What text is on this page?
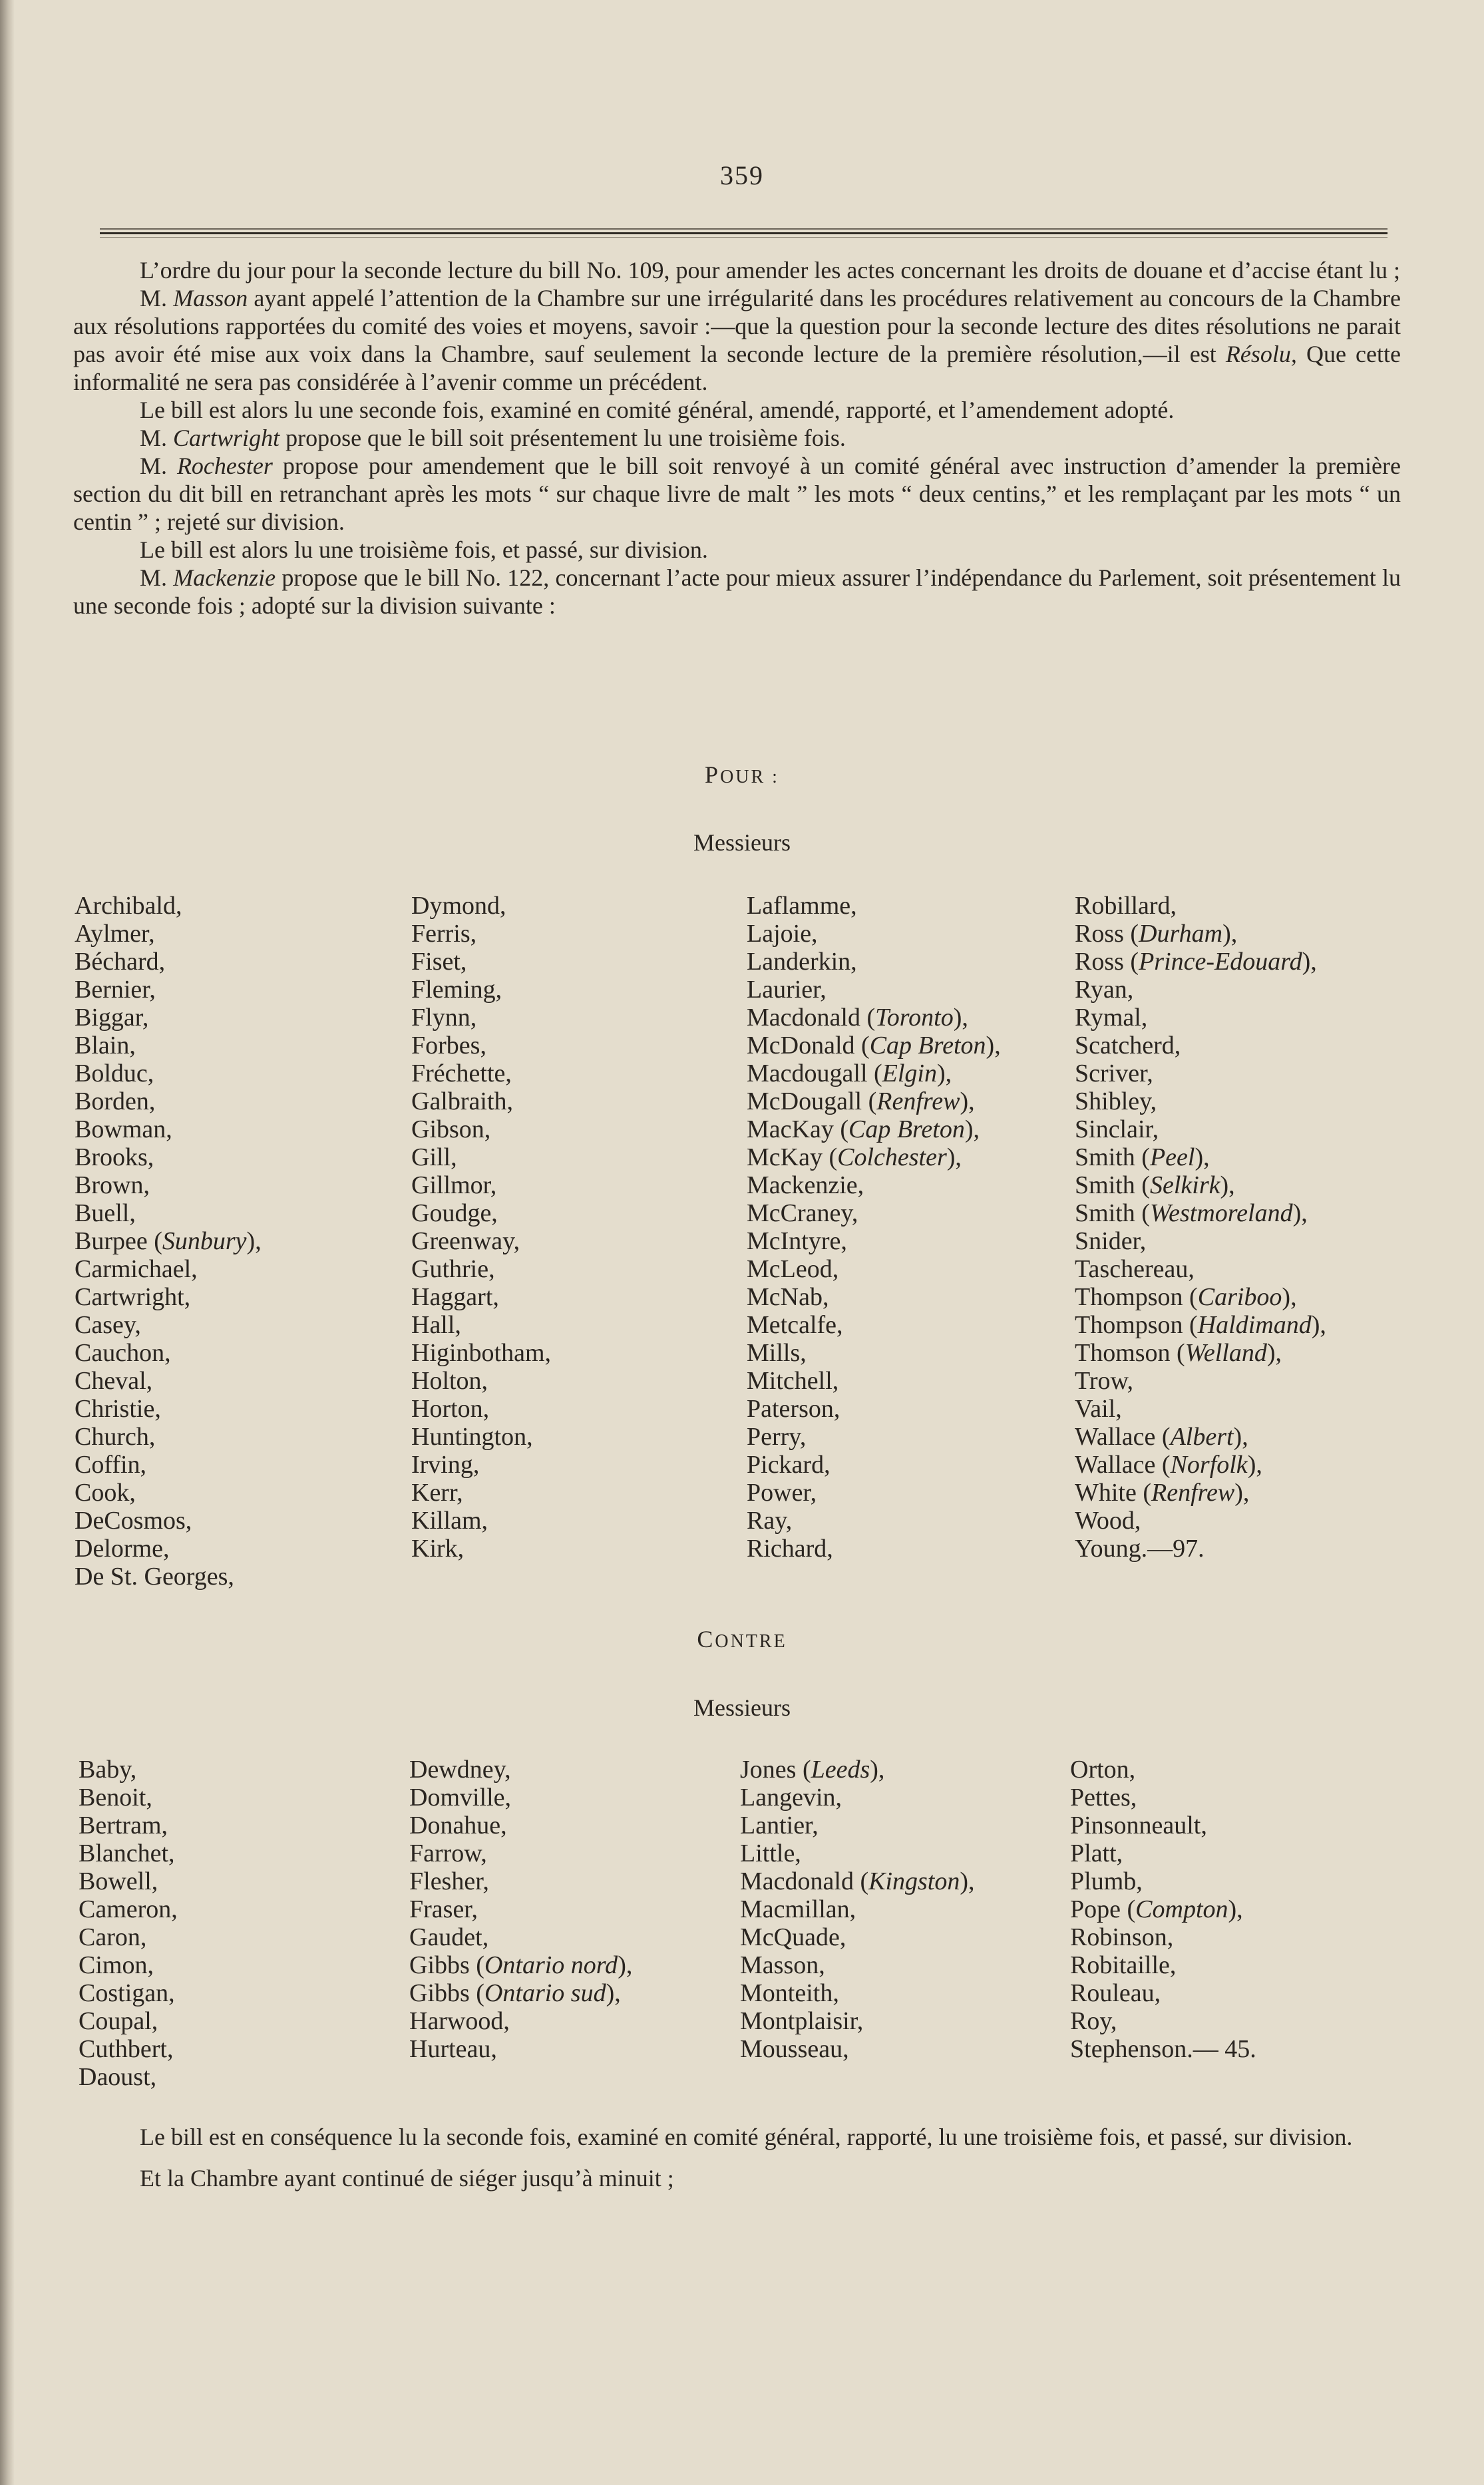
359

L’ordre du jour pour la seconde lecture du bill No. 109, pour amender les actes concernant les droits de douane et d’accise étant lu ;

M. Masson ayant appelé l’attention de la Chambre sur une irrégularité dans les procédures relativement au concours de la Chambre aux résolutions rapportées du comité des voies et moyens, savoir :—que la question pour la seconde lecture des dites résolutions ne parait pas avoir été mise aux voix dans la Chambre, sauf seulement la seconde lecture de la première résolution,—il est Résolu, Que cette informalité ne sera pas considérée à l’avenir comme un précédent.

Le bill est alors lu une seconde fois, examiné en comité général, amendé, rapporté, et l’amendement adopté.

M. Cartwright propose que le bill soit présentement lu une troisième fois.

M. Rochester propose pour amendement que le bill soit renvoyé à un comité général avec instruction d’amender la première section du dit bill en retranchant après les mots “ sur chaque livre de malt ” les mots “ deux centins,” et les remplaçant par les mots “ un centin ” ; rejeté sur division.

Le bill est alors lu une troisième fois, et passé, sur division.

M. Mackenzie propose que le bill No. 122, concernant l’acte pour mieux assurer l’indépendance du Parlement, soit présentement lu une seconde fois ; adopté sur la division suivante :

POUR :
Messieurs
Archibald,
Aylmer,
Béchard,
Bernier,
Biggar,
Blain,
Bolduc,
Borden,
Bowman,
Brooks,
Brown,
Buell,
Burpee (Sunbury),
Carmichael,
Cartwright,
Casey,
Cauchon,
Cheval,
Christie,
Church,
Coffin,
Cook,
DeCosmos,
Delorme,
De St. Georges,
Dymond,
Ferris,
Fiset,
Fleming,
Flynn,
Forbes,
Fréchette,
Galbraith,
Gibson,
Gill,
Gillmor,
Goudge,
Greenway,
Guthrie,
Haggart,
Hall,
Higinbotham,
Holton,
Horton,
Huntington,
Irving,
Kerr,
Killam,
Kirk,
Laflamme,
Lajoie,
Landerkin,
Laurier,
Macdonald (Toronto),
McDonald (Cap Breton),
Macdougall (Elgin),
McDougall (Renfrew),
MacKay (Cap Breton),
McKay (Colchester),
Mackenzie,
McCraney,
McIntyre,
McLeod,
McNab,
Metcalfe,
Mills,
Mitchell,
Paterson,
Perry,
Pickard,
Power,
Ray,
Richard,
Robillard,
Ross (Durham),
Ross (Prince-Edouard),
Ryan,
Rymal,
Scatcherd,
Scriver,
Shibley,
Sinclair,
Smith (Peel),
Smith (Selkirk),
Smith (Westmoreland),
Snider,
Taschereau,
Thompson (Cariboo),
Thompson (Haldimand),
Thomson (Welland),
Trow,
Vail,
Wallace (Albert),
Wallace (Norfolk),
White (Renfrew),
Wood,
Young.—97.
CONTRE
Messieurs
Baby,
Benoit,
Bertram,
Blanchet,
Bowell,
Cameron,
Caron,
Cimon,
Costigan,
Coupal,
Cuthbert,
Daoust,
Dewdney,
Domville,
Donahue,
Farrow,
Flesher,
Fraser,
Gaudet,
Gibbs (Ontario nord),
Gibbs (Ontario sud),
Harwood,
Hurteau,
Jones (Leeds),
Langevin,
Lantier,
Little,
Macdonald (Kingston),
Macmillan,
McQuade,
Masson,
Monteith,
Montplaisir,
Mousseau,
Orton,
Pettes,
Pinsonneault,
Platt,
Plumb,
Pope (Compton),
Robinson,
Robitaille,
Rouleau,
Roy,
Stephenson.— 45.

Le bill est en conséquence lu la seconde fois, examiné en comité général, rapporté, lu une troisième fois, et passé, sur division.

Et la Chambre ayant continué de siéger jusqu’à minuit ;
